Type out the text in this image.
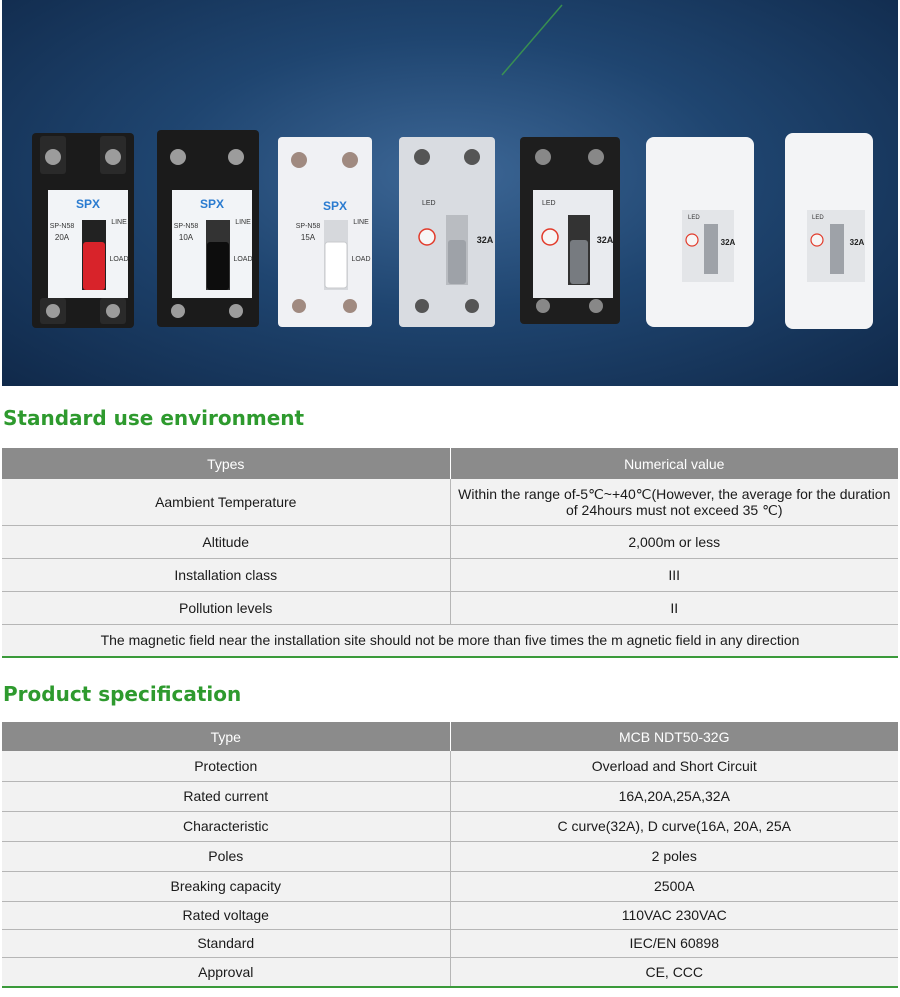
SPX
SP-N58
20A
LINE
LOAD
SPX
SP-N58
10A
LINE
LOAD
SPX
SP-N58
15A
LINE
LOAD
LED
32A
LED
32A
LED
32A
LED
32A
Standard use environment
Types	Numerical value
Aambient Temperature	Within the range of-5℃~+40℃(However, the average for the duration of 24hours must not exceed 35 ℃)
Altitude	2,000m or less
Installation class	III
Pollution levels	II
The magnetic field near the installation site should not be more than five times the m agnetic field in any direction	
Product specification
Type	MCB NDT50-32G
Protection	Overload and Short Circuit
Rated current	16A,20A,25A,32A
Characteristic	C curve(32A), D curve(16A, 20A, 25A
Poles	2 poles
Breaking capacity	2500A
Rated voltage	110VAC 230VAC
Standard	IEC/EN 60898
Approval	CE, CCC
